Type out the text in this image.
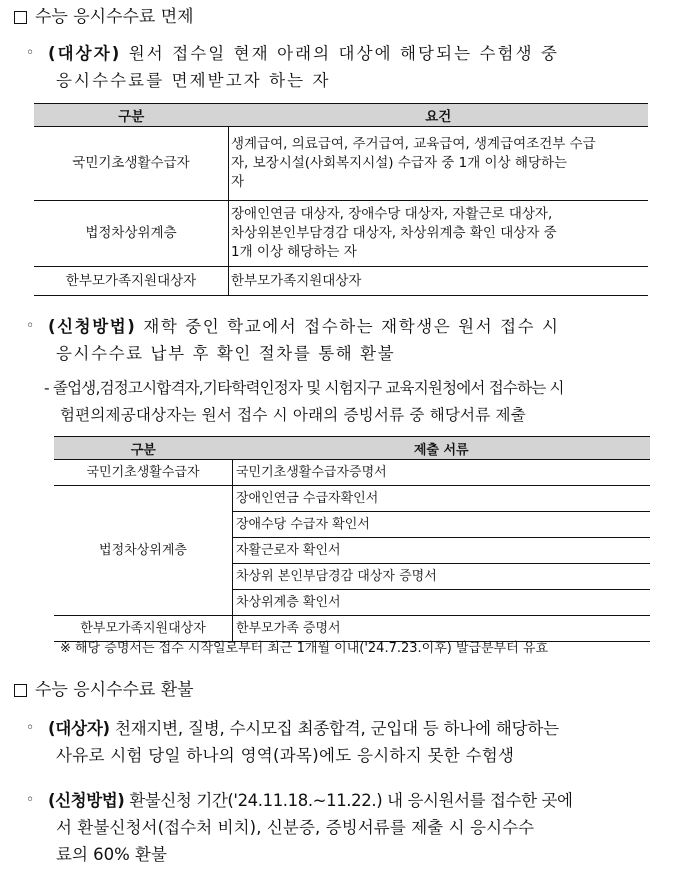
수능 응시수수료 면제
◦ (대상자) 원서 접수일 현재 아래의 대상에 해당되는 수험생 중
응시수수료를 면제받고자 하는 자
구분	요건
국민기초생활수급자	생계급여, 의료급여, 주거급여, 교육급여, 생계급여조건부 수급
자, 보장시설(사회복지시설) 수급자 중 1개 이상 해당하는
자

법정차상위계층	장애인연금 대상자, 장애수당 대상자, 자활근로 대상자,
차상위본인부담경감 대상자, 차상위계층 확인 대상자 중
1개 이상 해당하는 자

한부모가족지원대상자	한부모가족지원대상자
◦ (신청방법) 재학 중인 학교에서 접수하는 재학생은 원서 접수 시
응시수수료 납부 후 확인 절차를 통해 환불
- 졸업생,검정고시합격자,기타학력인정자 및 시험지구 교육지원청에서 접수하는 시
험편의제공대상자는 원서 접수 시 아래의 증빙서류 중 해당서류 제출
구분	제출 서류
국민기초생활수급자	국민기초생활수급자증명서
법정차상위계층	장애인연금 수급자확인서
	장애수당 수급자 확인서
	자활근로자 확인서
	차상위 본인부담경감 대상자 증명서
	차상위계층 확인서
한부모가족지원대상자	한부모가족 증명서
※ 해당 증명서는 접수 시작일로부터 최근 1개월 이내('24.7.23.이후) 발급분부터 유효
수능 응시수수료 환불
◦ (대상자) 천재지변, 질병, 수시모집 최종합격, 군입대 등 하나에 해당하는
사유로 시험 당일 하나의 영역(과목)에도 응시하지 못한 수험생
◦ (신청방법) 환불신청 기간('24.11.18.~11.22.) 내 응시원서를 접수한 곳에
서 환불신청서(접수처 비치), 신분증, 증빙서류를 제출 시 응시수수
료의 60% 환불
